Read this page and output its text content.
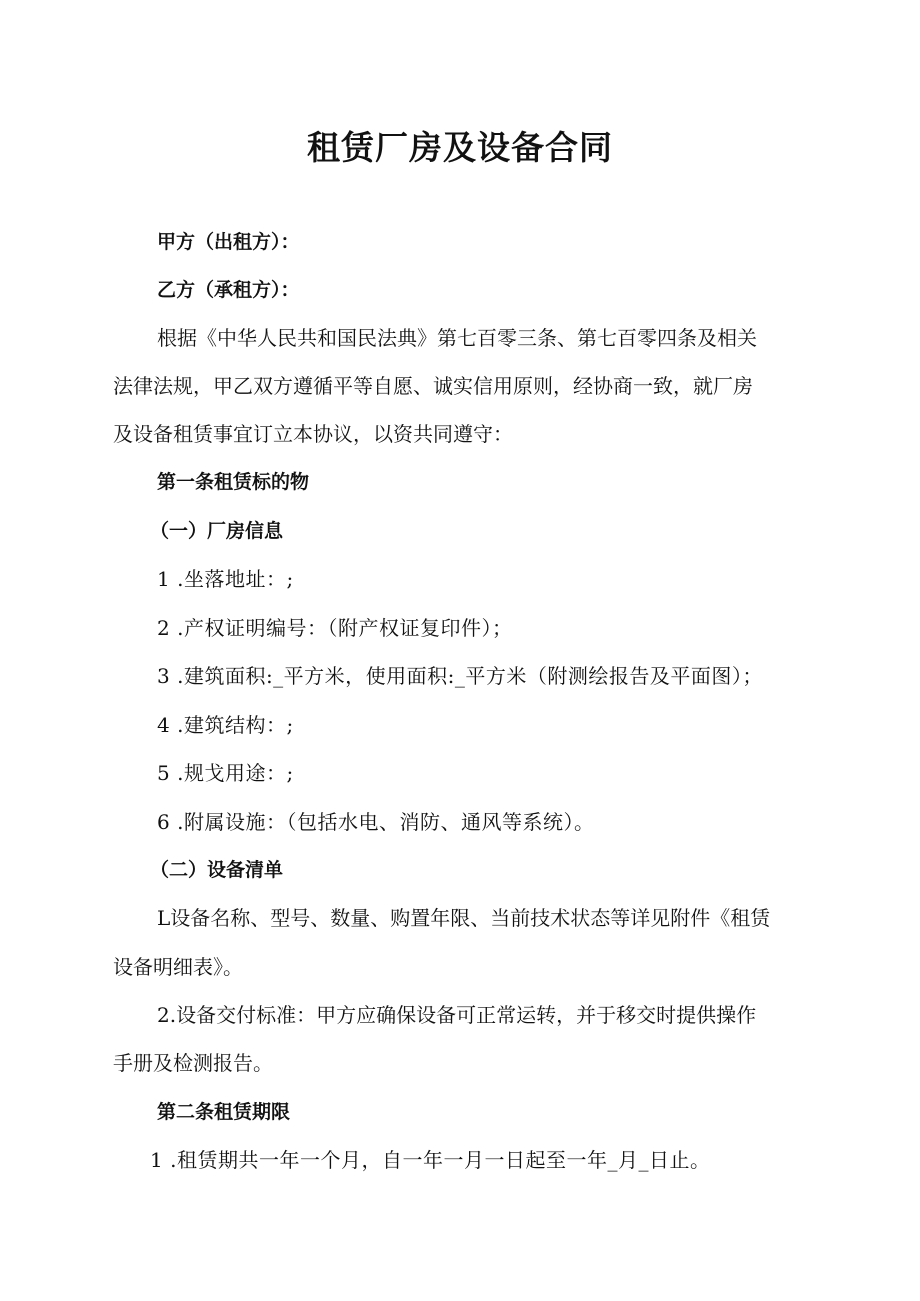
租赁厂房及设备合同
甲方（出租方）：
乙方（承租方）：
根据《中华人民共和国民法典》第七百零三条、第七百零四条及相关
法律法规，甲乙双方遵循平等自愿、诚实信用原则，经协商一致，就厂房
及设备租赁事宜订立本协议，以资共同遵守：
第一条租赁标的物
（一）厂房信息
1 .坐落地址：;
2 .产权证明编号：（附产权证复印件）；
3 .建筑面积:_平方米，使用面积:_平方米（附测绘报告及平面图）；
4 .建筑结构：;
5 .规戈用途：;
6 .附属设施：（包括水电、消防、通风等系统）。
（二）设备清单
L设备名称、型号、数量、购置年限、当前技术状态等详见附件《租赁
设备明细表》。
2.设备交付标准：甲方应确保设备可正常运转，并于移交时提供操作
手册及检测报告。
第二条租赁期限
1 .租赁期共一年一个月，自一年一月一日起至一年_月_日止。
